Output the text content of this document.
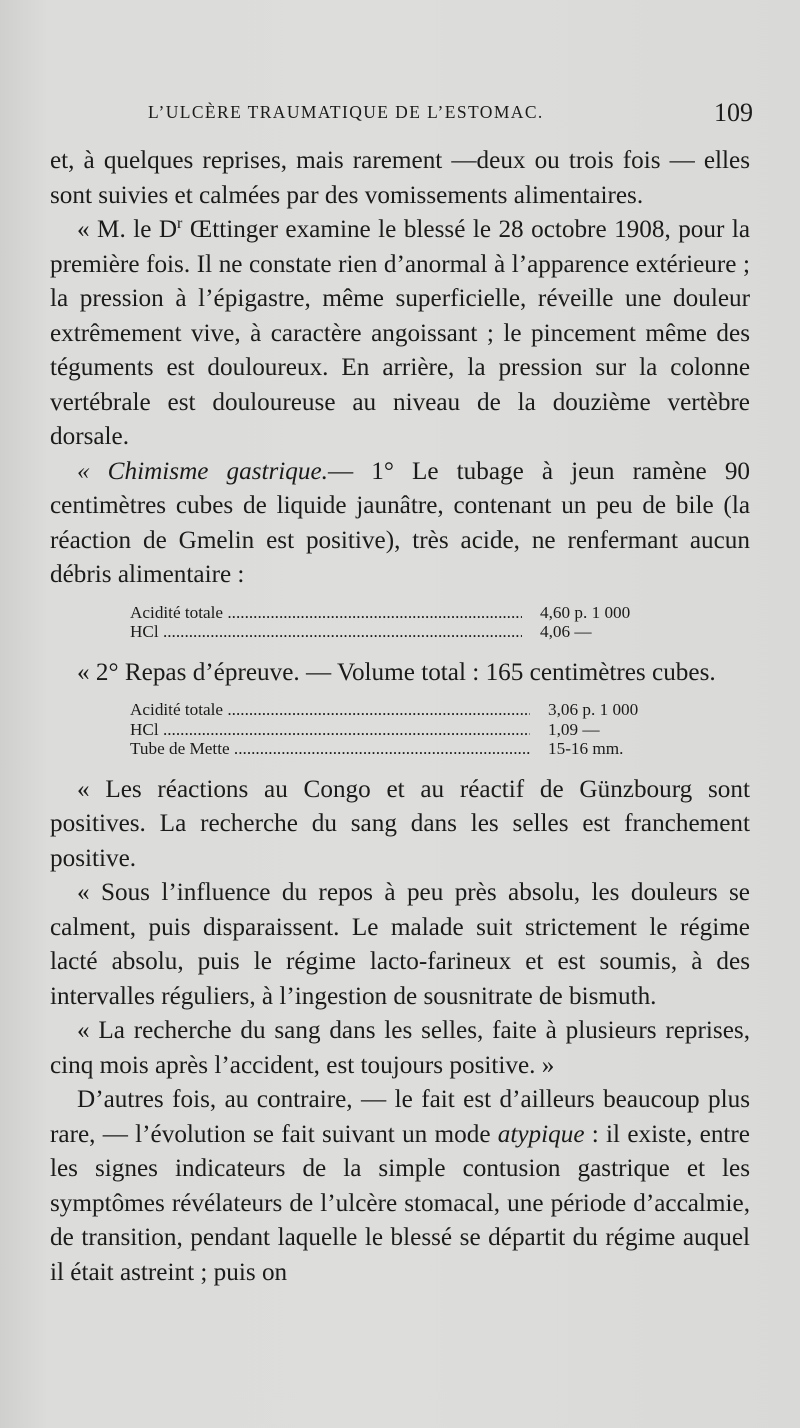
L’ULCÈRE TRAUMATIQUE DE L’ESTOMAC.	109

et, à quelques reprises, mais rarement —deux ou trois fois — elles sont suivies et calmées par des vomissements alimentaires.

« M. le $D^r$ Œttinger examine le blessé le 28 octobre 1908, pour la première fois. Il ne constate rien d’anormal à l’apparence extérieure ; la pression à l’épigastre, même superficielle, réveille une douleur extrêmement vive, à caractère angoissant ; le pincement même des téguments est douloureux. En arrière, la pression sur la colonne vertébrale est douloureuse au niveau de la douzième vertèbre dorsale.

« Chimisme gastrique.— 1° Le tubage à jeun ramène 90 centimètres cubes de liquide jaunâtre, contenant un peu de bile (la réaction de Gmelin est positive), très acide, ne renfermant aucun débris alimentaire :

Acidité totale .....	4,60 p. 1 000
HCl .....	4,06 —

« 2° Repas d’épreuve. — Volume total : 165 centimètres cubes.

Acidité totale .....	3,06 p. 1 000
HCl .....	1,09 —
Tube de Mette .....	15-16 mm.

« Les réactions au Congo et au réactif de Günzbourg sont positives. La recherche du sang dans les selles est franchement positive.

« Sous l’influence du repos à peu près absolu, les douleurs se calment, puis disparaissent. Le malade suit strictement le régime lacté absolu, puis le régime lacto-farineux et est soumis, à des intervalles réguliers, à l’ingestion de sousnitrate de bismuth.

« La recherche du sang dans les selles, faite à plusieurs reprises, cinq mois après l’accident, est toujours positive. »

D’autres fois, au contraire, — le fait est d’ailleurs beaucoup plus rare, — l’évolution se fait suivant un mode atypique : il existe, entre les signes indicateurs de la simple contusion gastrique et les symptômes révélateurs de l’ulcère stomacal, une période d’accalmie, de transition, pendant laquelle le blessé se départit du régime auquel il était astreint ; puis on
